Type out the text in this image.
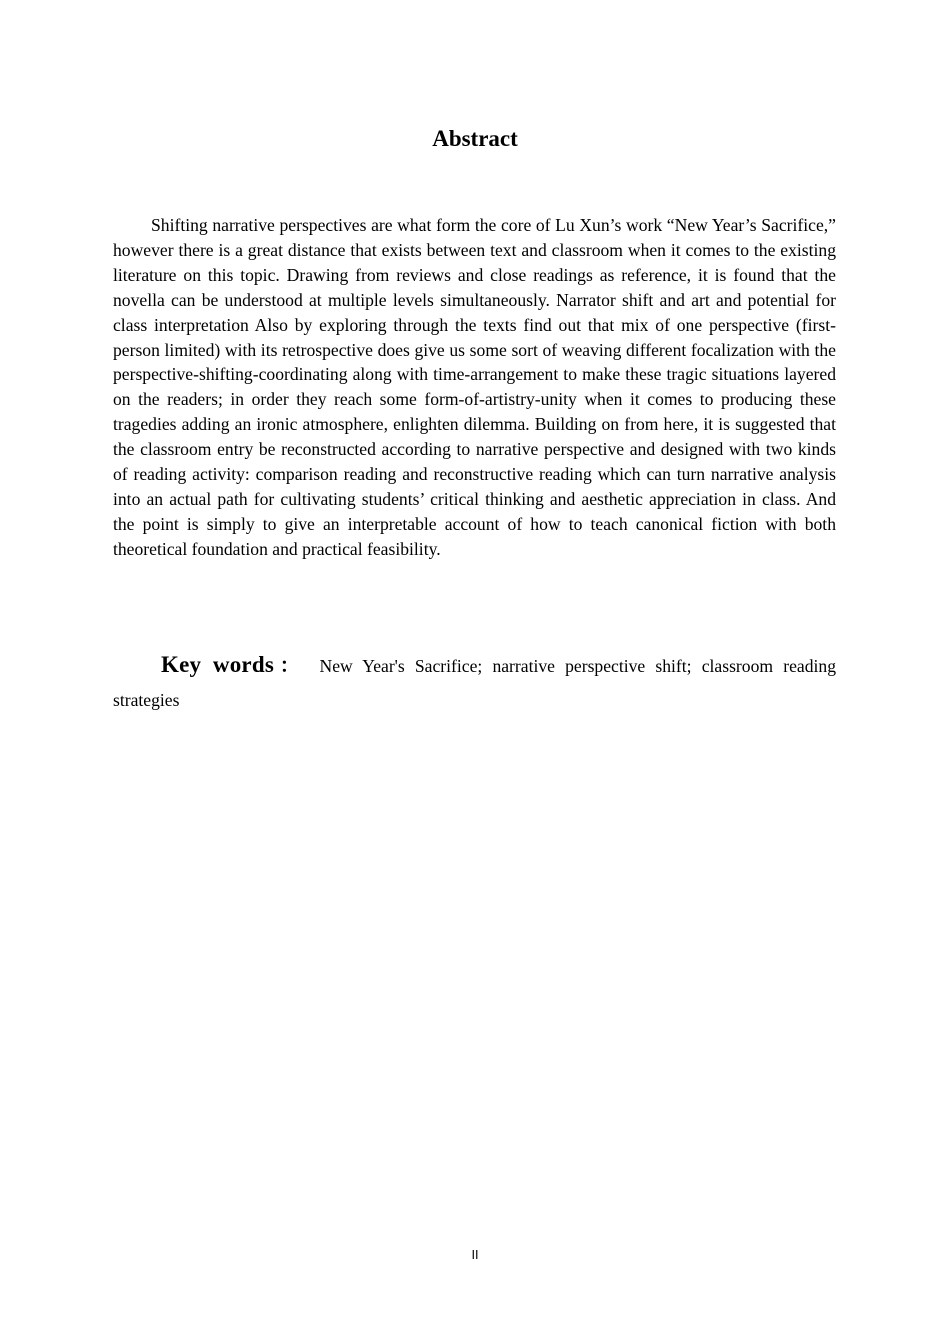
Abstract

Shifting narrative perspectives are what form the core of Lu Xun’s work “New Year’s Sacrifice,” however there is a great distance that exists between text and classroom when it comes to the existing literature on this topic. Drawing from reviews and close readings as reference, it is found that the novella can be understood at multiple levels simultaneously. Narrator shift and art and potential for class interpretation Also by exploring through the texts find out that mix of one perspective (first-person limited) with its retrospective does give us some sort of weaving different focalization with the perspective-shifting-coordinating along with time-arrangement to make these tragic situations layered on the readers; in order they reach some form-of-artistry-unity when it comes to producing these tragedies adding an ironic atmosphere, enlighten dilemma. Building on from here, it is suggested that the classroom entry be reconstructed according to narrative perspective and designed with two kinds of reading activity: comparison reading and reconstructive reading which can turn narrative analysis into an actual path for cultivating students’ critical thinking and aesthetic appreciation in class. And the point is simply to give an interpretable account of how to teach canonical fiction with both theoretical foundation and practical feasibility.

Key words： New Year's Sacrifice; narrative perspective shift; classroom reading strategies

II
